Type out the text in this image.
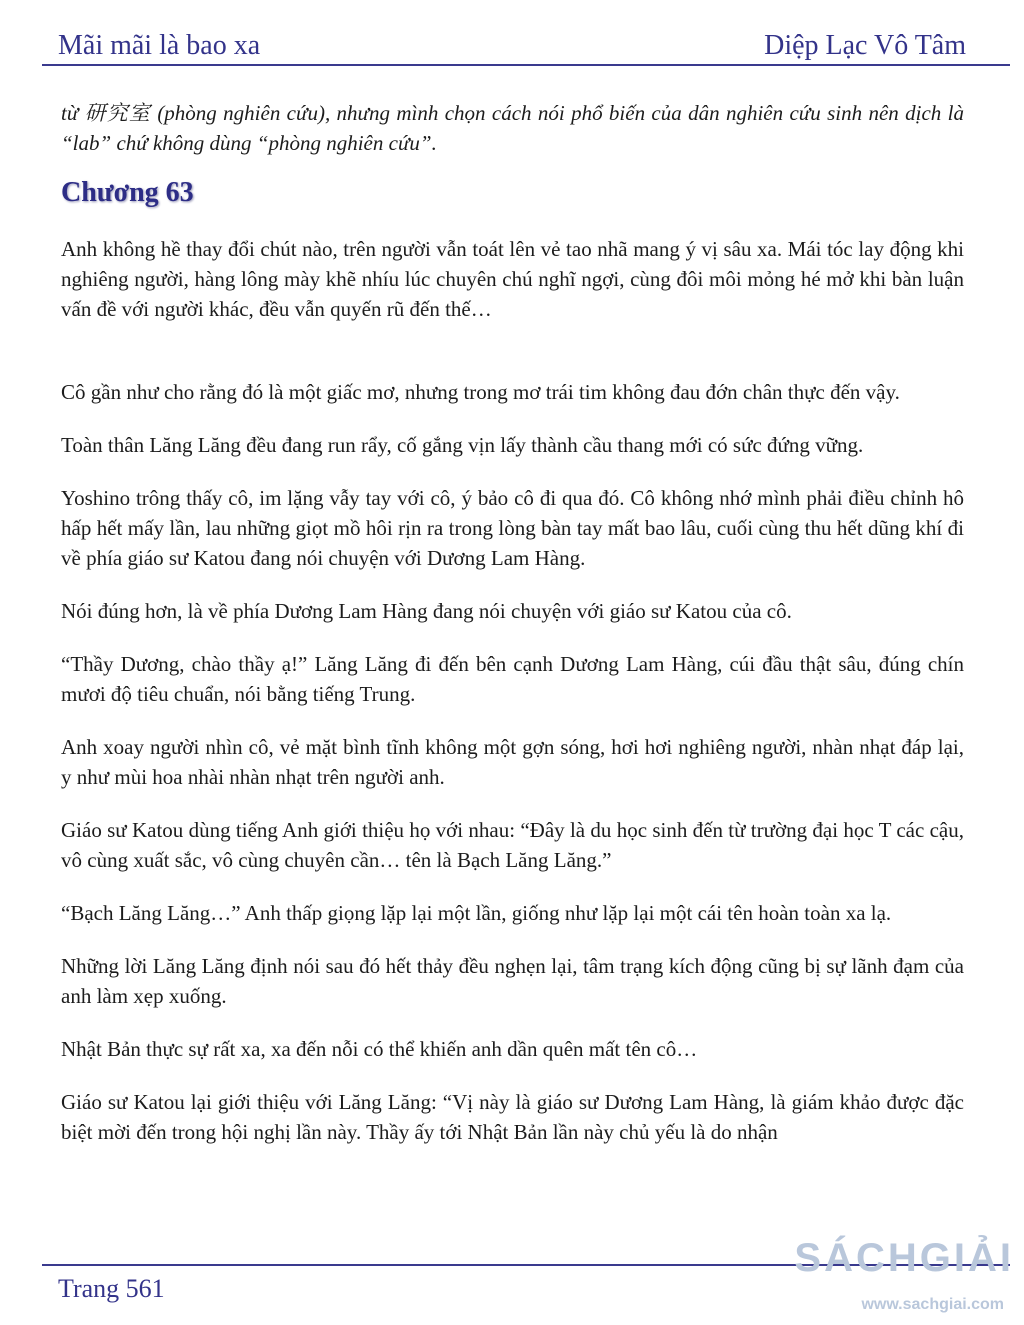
Mãi mãi là bao xa	Diệp Lạc Vô Tâm

từ 研究室 (phòng nghiên cứu), nhưng mình chọn cách nói phổ biến của dân nghiên cứu sinh nên dịch là “lab” chứ không dùng “phòng nghiên cứu”.

Chương 63

Anh không hề thay đổi chút nào, trên người vẫn toát lên vẻ tao nhã mang ý vị sâu xa. Mái tóc lay động khi nghiêng người, hàng lông mày khẽ nhíu lúc chuyên chú nghĩ ngợi, cùng đôi môi mỏng hé mở khi bàn luận vấn đề với người khác, đều vẫn quyến rũ đến thế…

Cô gần như cho rằng đó là một giấc mơ, nhưng trong mơ trái tim không đau đớn chân thực đến vậy.

Toàn thân Lăng Lăng đều đang run rẩy, cố gắng vịn lấy thành cầu thang mới có sức đứng vững.

Yoshino trông thấy cô, im lặng vẫy tay với cô, ý bảo cô đi qua đó. Cô không nhớ mình phải điều chỉnh hô hấp hết mấy lần, lau những giọt mồ hôi rịn ra trong lòng bàn tay mất bao lâu, cuối cùng thu hết dũng khí đi về phía giáo sư Katou đang nói chuyện với Dương Lam Hàng.

Nói đúng hơn, là về phía Dương Lam Hàng đang nói chuyện với giáo sư Katou của cô.

“Thầy Dương, chào thầy ạ!” Lăng Lăng đi đến bên cạnh Dương Lam Hàng, cúi đầu thật sâu, đúng chín mươi độ tiêu chuẩn, nói bằng tiếng Trung.

Anh xoay người nhìn cô, vẻ mặt bình tĩnh không một gợn sóng, hơi hơi nghiêng người, nhàn nhạt đáp lại, y như mùi hoa nhài nhàn nhạt trên người anh.

Giáo sư Katou dùng tiếng Anh giới thiệu họ với nhau: “Đây là du học sinh đến từ trường đại học T các cậu, vô cùng xuất sắc, vô cùng chuyên cần… tên là Bạch Lăng Lăng.”

“Bạch Lăng Lăng…” Anh thấp giọng lặp lại một lần, giống như lặp lại một cái tên hoàn toàn xa lạ.

Những lời Lăng Lăng định nói sau đó hết thảy đều nghẹn lại, tâm trạng kích động cũng bị sự lãnh đạm của anh làm xẹp xuống.

Nhật Bản thực sự rất xa, xa đến nỗi có thể khiến anh dần quên mất tên cô…

Giáo sư Katou lại giới thiệu với Lăng Lăng: “Vị này là giáo sư Dương Lam Hàng, là giám khảo được đặc biệt mời đến trong hội nghị lần này. Thầy ấy tới Nhật Bản lần này chủ yếu là do nhận

Trang 561
SÁCHGIẢI
www.sachgiai.com
